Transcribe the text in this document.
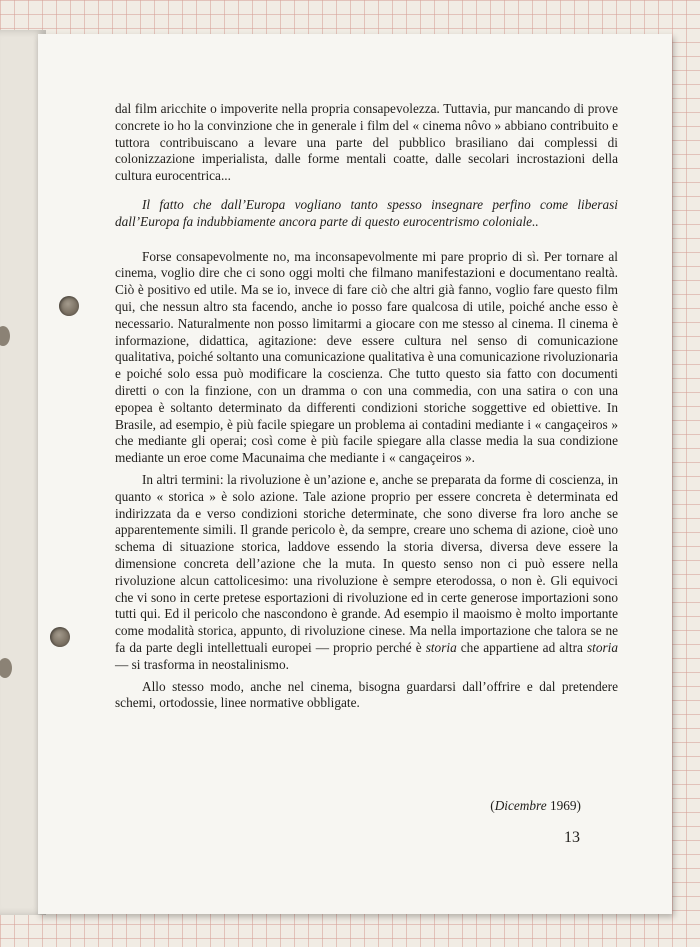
dal film aricchite o impoverite nella propria consapevolezza. Tuttavia, pur mancando di prove concrete io ho la convinzione che in generale i film del « cinema nôvo » abbiano contribuito e tuttora contribuiscano a levare una parte del pubblico brasiliano dai complessi di colonizzazione imperialista, dalle forme mentali coatte, dalle secolari incrostazioni della cultura eurocentrica...

Il fatto che dall’Europa vogliano tanto spesso insegnare perfino come liberasi dall’Europa fa indubbiamente ancora parte di questo eurocentrismo coloniale..

Forse consapevolmente no, ma inconsapevolmente mi pare proprio di sì. Per tornare al cinema, voglio dire che ci sono oggi molti che filmano manifestazioni e documentano realtà. Ciò è positivo ed utile. Ma se io, invece di fare ciò che altri già fanno, voglio fare questo film qui, che nessun altro sta facendo, anche io posso fare qualcosa di utile, poiché anche esso è necessario. Naturalmente non posso limitarmi a giocare con me stesso al cinema. Il cinema è informazione, didattica, agitazione: deve essere cultura nel senso di comunicazione qualitativa, poiché soltanto una comunicazione qualitativa è una comunicazione rivoluzionaria e poiché solo essa può modificare la coscienza. Che tutto questo sia fatto con documenti diretti o con la finzione, con un dramma o con una commedia, con una satira o con una epopea è soltanto determinato da differenti condizioni storiche soggettive ed obiettive. In Brasile, ad esempio, è più facile spiegare un problema ai contadini mediante i « cangaçeiros » che mediante gli operai; così come è più facile spiegare alla classe media la sua condizione mediante un eroe come Macunaima che mediante i « cangaçeiros ».

In altri termini: la rivoluzione è un’azione e, anche se preparata da forme di coscienza, in quanto « storica » è solo azione. Tale azione proprio per essere concreta è determinata ed indirizzata da e verso condizioni storiche determinate, che sono diverse fra loro anche se apparentemente simili. Il grande pericolo è, da sempre, creare uno schema di azione, cioè uno schema di situazione storica, laddove essendo la storia diversa, diversa deve essere la dimensione concreta dell’azione che la muta. In questo senso non ci può essere nella rivoluzione alcun cattolicesimo: una rivoluzione è sempre eterodossa, o non è. Gli equivoci che vi sono in certe pretese esportazioni di rivoluzione ed in certe generose importazioni sono tutti qui. Ed il pericolo che nascondono è grande. Ad esempio il maoismo è molto importante come modalità storica, appunto, di rivoluzione cinese. Ma nella importazione che talora se ne fa da parte degli intellettuali europei — proprio perché è storia che appartiene ad altra storia — si trasforma in neostalinismo.

Allo stesso modo, anche nel cinema, bisogna guardarsi dall’offrire e dal pretendere schemi, ortodossie, linee normative obbligate.

(Dicembre 1969)
13
